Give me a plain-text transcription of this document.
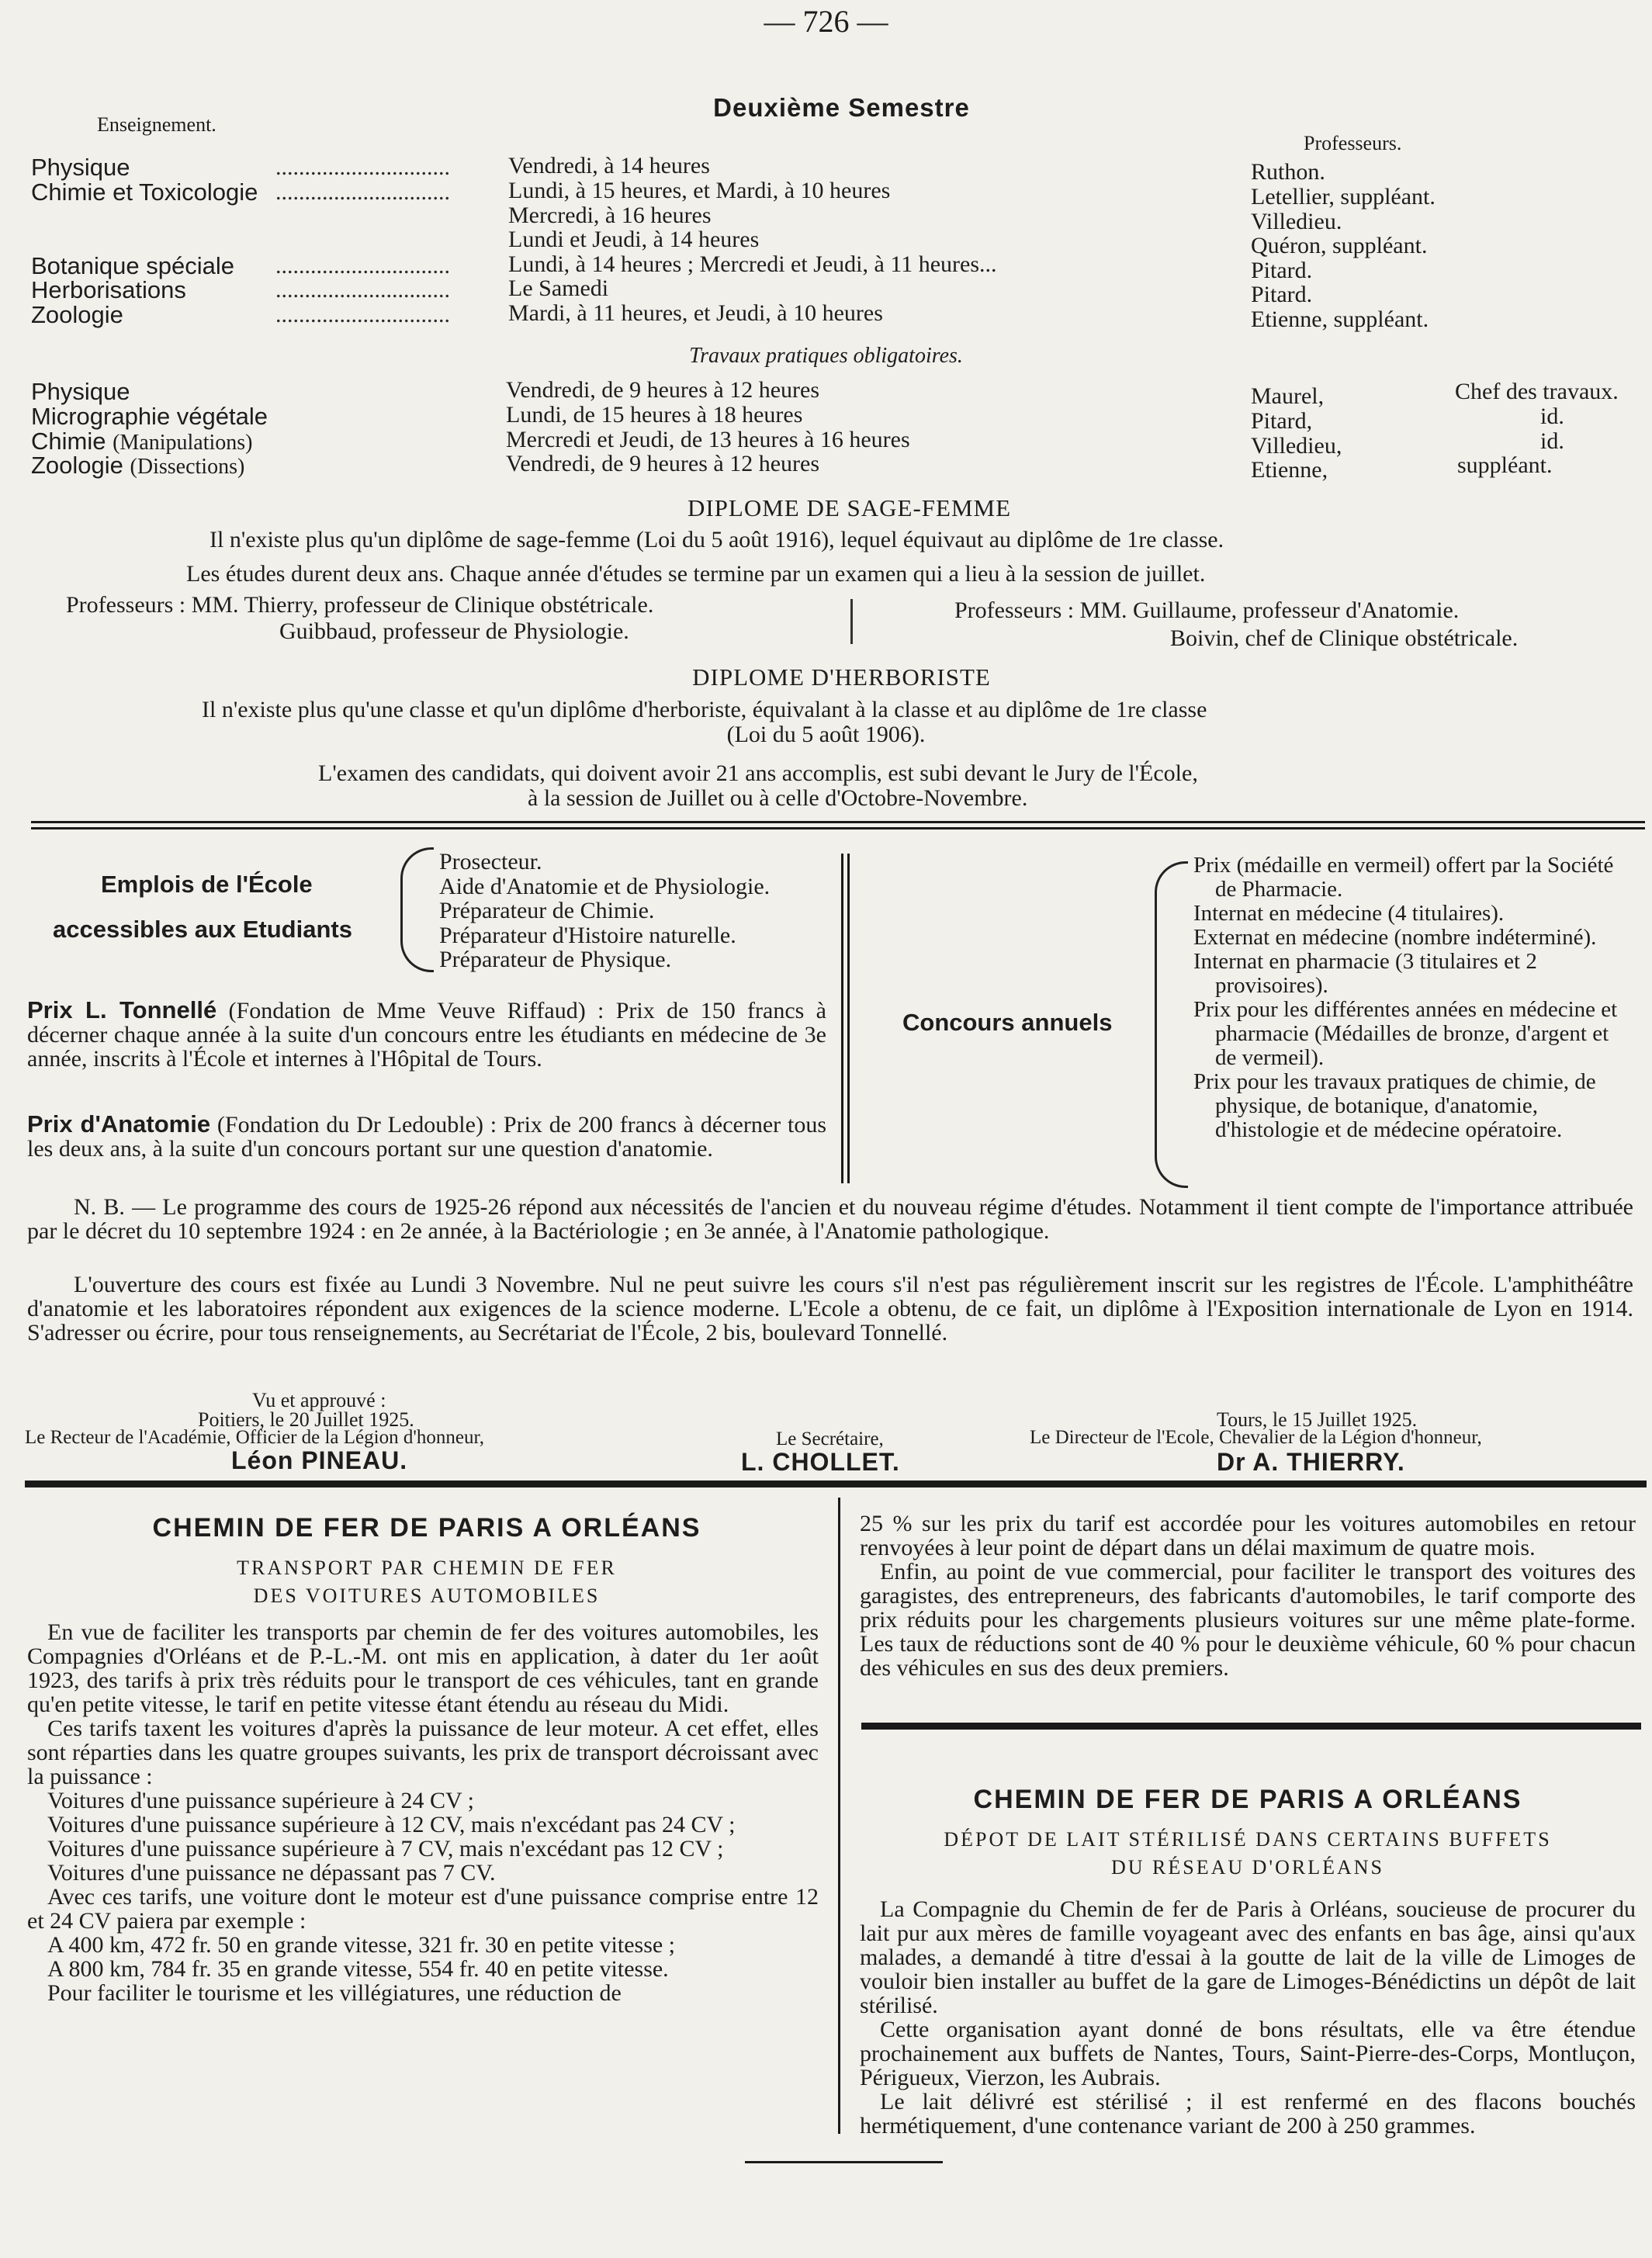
— 726 —
Enseignement.
Deuxième Semestre
Professeurs.
Physique	..............................	Vendredi, à 14 heures	Ruthon.
Chimie et Toxicologie ..............................	Lundi, à 15 heures, et Mardi, à 10 heures	Letellier, suppléant.
Mercredi, à 16 heures	Villedieu.
Lundi et Jeudi, à 14 heures	Quéron, suppléant.
Botanique spéciale	..............................	Lundi, à 14 heures ; Mercredi et Jeudi, à 11 heures...	Pitard.
Herborisations	..............................	Le Samedi	Pitard.
Zoologie	..............................	Mardi, à 11 heures, et Jeudi, à 10 heures	Etienne, suppléant.
Travaux pratiques obligatoires.
Physique	Vendredi, de 9 heures à 12 heures	Maurel,	Chef des travaux.
Micrographie végétale	Lundi, de 15 heures à 18 heures	Pitard,	id.
Chimie (Manipulations)	Mercredi et Jeudi, de 13 heures à 16 heures	Villedieu,	id.
Zoologie (Dissections)	Vendredi, de 9 heures à 12 heures	Etienne,	suppléant.
DIPLOME DE SAGE-FEMME
Il n'existe plus qu'un diplôme de sage-femme (Loi du 5 août 1916), lequel équivaut au diplôme de 1re classe.
Les études durent deux ans. Chaque année d'études se termine par un examen qui a lieu à la session de juillet.
Professeurs : MM. Thierry, professeur de Clinique obstétricale.
Guibbaud, professeur de Physiologie.
Professeurs : MM. Guillaume, professeur d'Anatomie.
Boivin, chef de Clinique obstétricale.
DIPLOME D'HERBORISTE
Il n'existe plus qu'une classe et qu'un diplôme d'herboriste, équivalant à la classe et au diplôme de 1re classe
(Loi du 5 août 1906).
L'examen des candidats, qui doivent avoir 21 ans accomplis, est subi devant le Jury de l'École,
à la session de Juillet ou à celle d'Octobre-Novembre.
Emplois de l'École
accessibles aux Etudiants
Prosecteur.
Aide d'Anatomie et de Physiologie.
Préparateur de Chimie.
Préparateur d'Histoire naturelle.
Préparateur de Physique.
Prix L. Tonnellé (Fondation de Mme Veuve Riffaud) : Prix de 150 francs à décerner chaque année à la suite d'un concours entre les étudiants en médecine de 3e année, inscrits à l'École et internes à l'Hôpital de Tours.
Prix d'Anatomie (Fondation du Dr Ledouble) : Prix de 200 francs à décerner tous les deux ans, à la suite d'un concours portant sur une question d'anatomie.
Concours annuels
Prix (médaille en vermeil) offert par la Société de Pharmacie.
Internat en médecine (4 titulaires).
Externat en médecine (nombre indéterminé).
Internat en pharmacie (3 titulaires et 2 provisoires).
Prix pour les différentes années en médecine et pharmacie (Médailles de bronze, d'argent et de vermeil).
Prix pour les travaux pratiques de chimie, de physique, de botanique, d'anatomie, d'histologie et de médecine opératoire.
N. B. — Le programme des cours de 1925-26 répond aux nécessités de l'ancien et du nouveau régime d'études. Notamment il tient compte de l'importance attribuée par le décret du 10 septembre 1924 : en 2e année, à la Bactériologie ; en 3e année, à l'Anatomie pathologique.
L'ouverture des cours est fixée au Lundi 3 Novembre. Nul ne peut suivre les cours s'il n'est pas régulièrement inscrit sur les registres de l'École. L'amphithéâtre d'anatomie et les laboratoires répondent aux exigences de la science moderne. L'Ecole a obtenu, de ce fait, un diplôme à l'Exposition internationale de Lyon en 1914. S'adresser ou écrire, pour tous renseignements, au Secrétariat de l'École, 2 bis, boulevard Tonnellé.
Vu et approuvé :
Poitiers, le 20 Juillet 1925.
Le Recteur de l'Académie, Officier de la Légion d'honneur,
Léon PINEAU.
Le Secrétaire,
L. CHOLLET.
Tours, le 15 Juillet 1925.
Le Directeur de l'Ecole, Chevalier de la Légion d'honneur,
Dr A. THIERRY.
CHEMIN DE FER DE PARIS A ORLÉANS
TRANSPORT PAR CHEMIN DE FER
DES VOITURES AUTOMOBILES
En vue de faciliter les transports par chemin de fer des voitures automobiles, les Compagnies d'Orléans et de P.-L.-M. ont mis en application, à dater du 1er août 1923, des tarifs à prix très réduits pour le transport de ces véhicules, tant en grande qu'en petite vitesse, le tarif en petite vitesse étant étendu au réseau du Midi.
Ces tarifs taxent les voitures d'après la puissance de leur moteur. A cet effet, elles sont réparties dans les quatre groupes suivants, les prix de transport décroissant avec la puissance :
Voitures d'une puissance supérieure à 24 CV ;
Voitures d'une puissance supérieure à 12 CV, mais n'excédant pas 24 CV ;
Voitures d'une puissance supérieure à 7 CV, mais n'excédant pas 12 CV ;
Voitures d'une puissance ne dépassant pas 7 CV.
Avec ces tarifs, une voiture dont le moteur est d'une puissance comprise entre 12 et 24 CV paiera par exemple :
A 400 km, 472 fr. 50 en grande vitesse, 321 fr. 30 en petite vitesse ;
A 800 km, 784 fr. 35 en grande vitesse, 554 fr. 40 en petite vitesse.
Pour faciliter le tourisme et les villégiatures, une réduction de
25 % sur les prix du tarif est accordée pour les voitures automobiles en retour renvoyées à leur point de départ dans un délai maximum de quatre mois.
Enfin, au point de vue commercial, pour faciliter le transport des voitures des garagistes, des entrepreneurs, des fabricants d'automobiles, le tarif comporte des prix réduits pour les chargements plusieurs voitures sur une même plate-forme. Les taux de réductions sont de 40 % pour le deuxième véhicule, 60 % pour chacun des véhicules en sus des deux premiers.
CHEMIN DE FER DE PARIS A ORLÉANS
DÉPOT DE LAIT STÉRILISÉ DANS CERTAINS BUFFETS
DU RÉSEAU D'ORLÉANS
La Compagnie du Chemin de fer de Paris à Orléans, soucieuse de procurer du lait pur aux mères de famille voyageant avec des enfants en bas âge, ainsi qu'aux malades, a demandé à titre d'essai à la goutte de lait de la ville de Limoges de vouloir bien installer au buffet de la gare de Limoges-Bénédictins un dépôt de lait stérilisé.
Cette organisation ayant donné de bons résultats, elle va être étendue prochainement aux buffets de Nantes, Tours, Saint-Pierre-des-Corps, Montluçon, Périgueux, Vierzon, les Aubrais.
Le lait délivré est stérilisé ; il est renfermé en des flacons bouchés hermétiquement, d'une contenance variant de 200 à 250 grammes.
